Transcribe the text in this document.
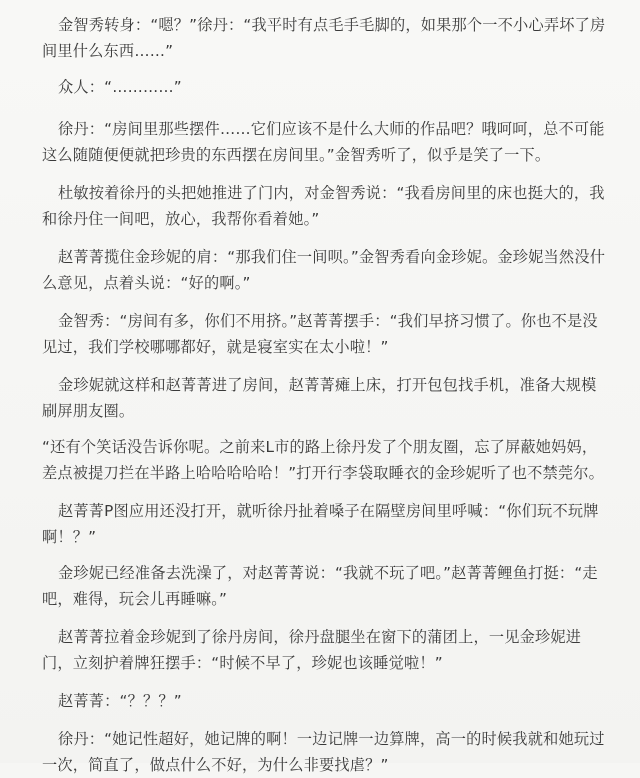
金智秀转身：“嗯？”徐丹：“我平时有点毛手毛脚的，如果那个一不小心弄坏了房间里什么东西……”

众人：“…………”

徐丹：“房间里那些摆件……它们应该不是什么大师的作品吧？哦呵呵，总不可能这么随随便便就把珍贵的东西摆在房间里。”金智秀听了，似乎是笑了一下。

杜敏按着徐丹的头把她推进了门内，对金智秀说：“我看房间里的床也挺大的，我和徐丹住一间吧，放心，我帮你看着她。”

赵菁菁揽住金珍妮的肩：“那我们住一间呗。”金智秀看向金珍妮。金珍妮当然没什么意见，点着头说：“好的啊。”

金智秀：“房间有多，你们不用挤。”赵菁菁摆手：“我们早挤习惯了。你也不是没见过，我们学校哪哪都好，就是寝室实在太小啦！”

金珍妮就这样和赵菁菁进了房间，赵菁菁瘫上床，打开包包找手机，准备大规模刷屏朋友圈。

“还有个笑话没告诉你呢。之前来L市的路上徐丹发了个朋友圈，忘了屏蔽她妈妈，差点被提刀拦在半路上哈哈哈哈哈！”打开行李袋取睡衣的金珍妮听了也不禁莞尔。

赵菁菁P图应用还没打开，就听徐丹扯着嗓子在隔壁房间里呼喊：“你们玩不玩牌啊！？”

金珍妮已经准备去洗澡了，对赵菁菁说：“我就不玩了吧。”赵菁菁鲤鱼打挺：“走吧，难得，玩会儿再睡嘛。”

赵菁菁拉着金珍妮到了徐丹房间，徐丹盘腿坐在窗下的蒲团上，一见金珍妮进门，立刻护着牌狂摆手：“时候不早了，珍妮也该睡觉啦！”

赵菁菁：“？？？”

徐丹：“她记性超好，她记牌的啊！一边记牌一边算牌，高一的时候我就和她玩过一次，简直了，做点什么不好，为什么非要找虐？”
